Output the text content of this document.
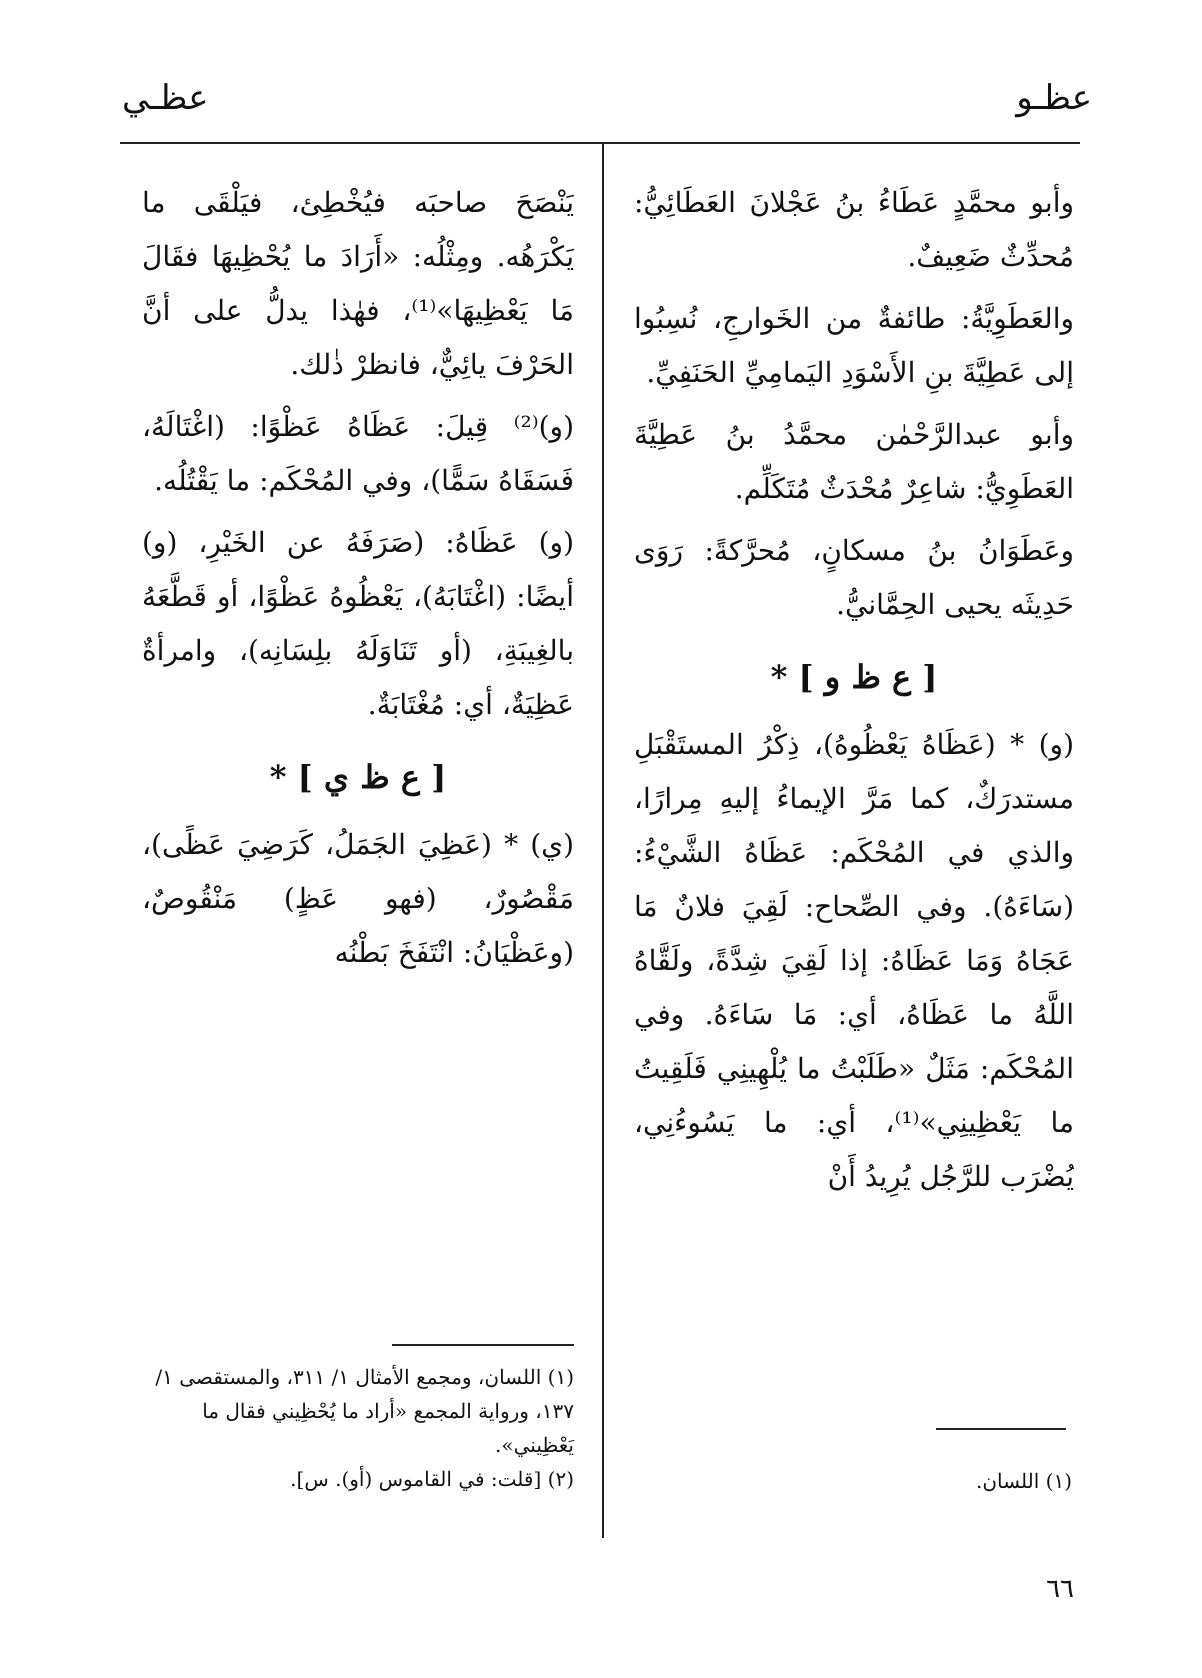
عظـو
عظـي

وأبو محمَّدٍ عَطَاءُ بنُ عَجْلانَ العَطَائِيُّ: مُحدِّثٌ ضَعِيفٌ.

والعَطَوِيَّةُ: طائفةٌ من الخَوارجِ، نُسِبُوا إلى عَطِيَّةَ بنِ الأَسْوَدِ اليَمامِيِّ الحَنَفِيِّ.

وأبو عبدالرَّحْمٰن محمَّدُ بنُ عَطِيَّةَ العَطَوِيُّ: شاعِرٌ مُحْدَثٌ مُتَكَلِّم.

وعَطَوَانُ بنُ مسكانٍ، مُحرَّكةً: رَوَى حَدِيثَه يحيى الحِمَّانيُّ.

[ ع ظ و ] *

(و) * (عَظَاهُ يَعْظُوهُ)، ذِكْرُ المستَقْبَلِ مستدرَكٌ، كما مَرَّ الإيماءُ إليهِ مِرارًا، والذي في المُحْكَم: عَظَاهُ الشَّيْءُ: (سَاءَهُ). وفي الصِّحاح: لَقِيَ فلانٌ مَا عَجَاهُ وَمَا عَظَاهُ: إذا لَقِيَ شِدَّةً، ولَقَّاهُ اللَّهُ ما عَظَاهُ، أي: مَا سَاءَهُ. وفي المُحْكَم: مَثَلٌ «طَلَبْتُ ما يُلْهِينِي فَلَقِيتُ ما يَعْظِينِي»⁽¹⁾، أي: ما يَسُوءُنِي، يُضْرَب للرَّجُل يُرِيدُ أَنْ

يَنْصَحَ صاحبَه فيُخْطِئ، فيَلْقَى ما يَكْرَهُه. ومِثْلُه: «أَرَادَ ما يُحْظِيهَا فقَالَ مَا يَعْظِيهَا»⁽¹⁾، فهٰذا يدلُّ على أنَّ الحَرْفَ يائِيٌّ، فانظرْ ذٰلك.

(و)⁽²⁾ قِيلَ: عَظَاهُ عَظْوًا: (اغْتَالَهُ، فَسَقَاهُ سَمًّا)، وفي المُحْكَم: ما يَقْتُلُه.

(و) عَظَاهُ: (صَرَفَهُ عن الخَيْرِ، (و) أيضًا: (اغْتَابَهُ)، يَعْظُوهُ عَظْوًا، أو قَطَّعَهُ بالغِيبَةِ، (أو تَنَاوَلَهُ بلِسَانِه)، وامرأةٌ عَظِيَةٌ، أي: مُغْتَابَةٌ.

[ ع ظ ي ] *

(ي) * (عَظِيَ الجَمَلُ، كَرَضِيَ عَظًى)، مَقْصُورٌ، (فهو عَظٍ) مَنْقُوصٌ، (وعَظْيَانُ: انْتَفَخَ بَطْنُه

(١) اللسان.

(١) اللسان، ومجمع الأمثال ١/ ٣١١، والمستقصى ١/ ١٣٧، ورواية المجمع «أراد ما يُحْظِيني فقال ما يَعْظِيني».

(٢) [قلت: في القاموس (أو). س].

٦٦
